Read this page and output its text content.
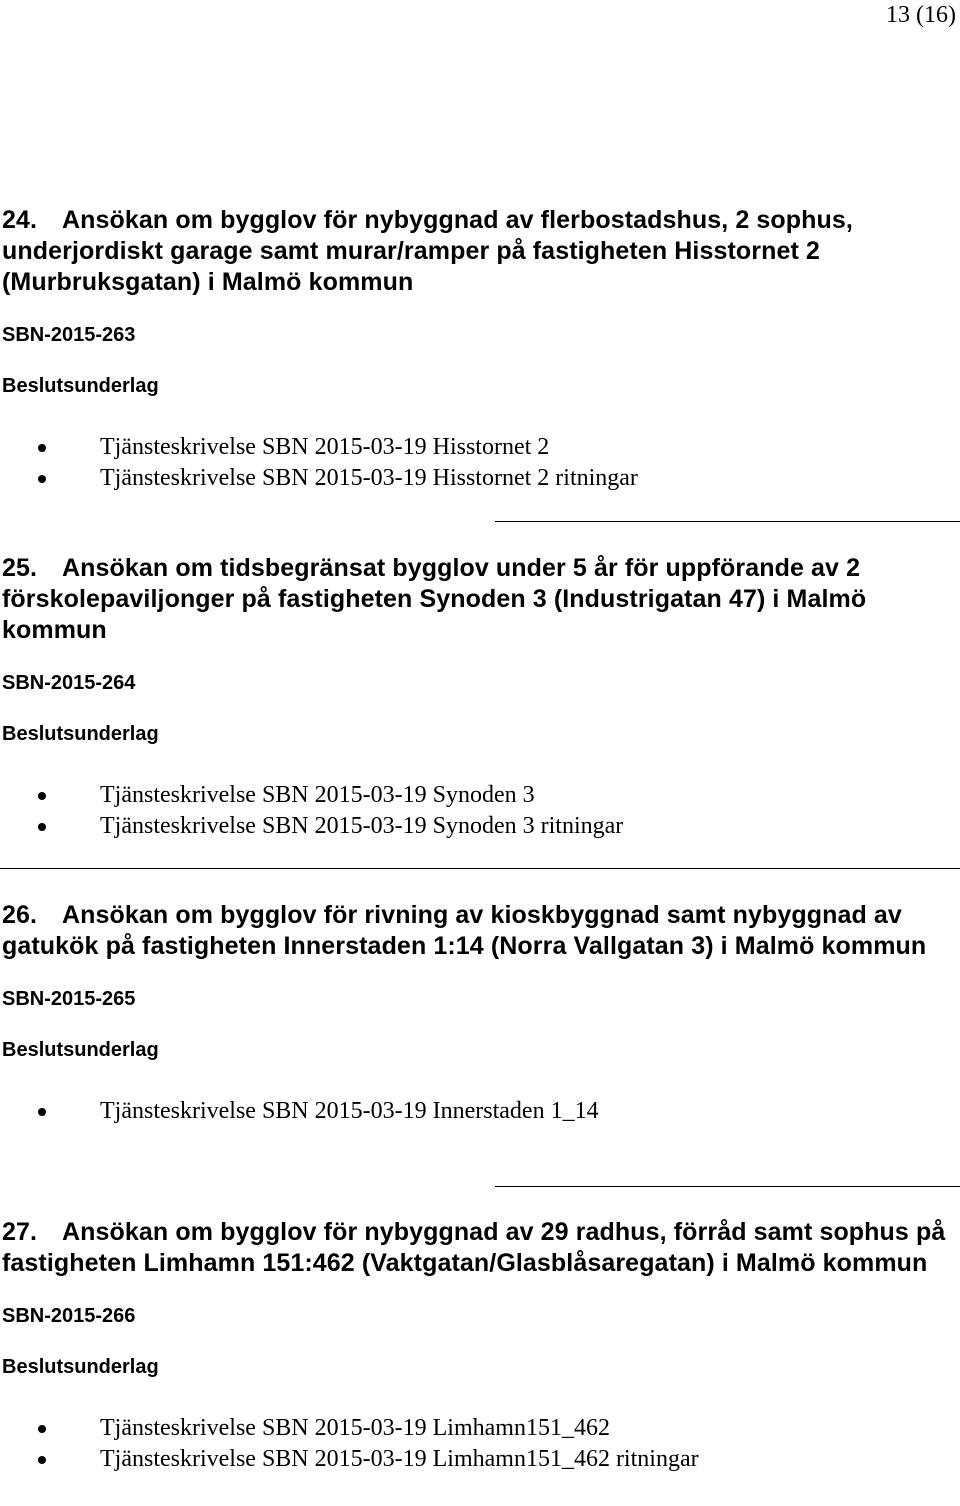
13 (16)
24. Ansökan om bygglov för nybyggnad av flerbostadshus, 2 sophus, underjordiskt garage samt murar/ramper på fastigheten Hisstornet 2 (Murbruksgatan) i Malmö kommun
SBN-2015-263
Beslutsunderlag
Tjänsteskrivelse SBN 2015-03-19 Hisstornet 2
Tjänsteskrivelse SBN 2015-03-19 Hisstornet 2 ritningar
25. Ansökan om tidsbegränsat bygglov under 5 år för uppförande av 2 förskolepaviljonger på fastigheten Synoden 3 (Industrigatan 47) i Malmö kommun
SBN-2015-264
Beslutsunderlag
Tjänsteskrivelse SBN 2015-03-19 Synoden 3
Tjänsteskrivelse SBN 2015-03-19 Synoden 3 ritningar
26. Ansökan om bygglov för rivning av kioskbyggnad samt nybyggnad av gatukök på fastigheten Innerstaden 1:14 (Norra Vallgatan 3) i Malmö kommun
SBN-2015-265
Beslutsunderlag
Tjänsteskrivelse SBN 2015-03-19 Innerstaden 1_14
27. Ansökan om bygglov för nybyggnad av 29 radhus, förråd samt sophus på fastigheten Limhamn 151:462 (Vaktgatan/Glasblåsaregatan) i Malmö kommun
SBN-2015-266
Beslutsunderlag
Tjänsteskrivelse SBN 2015-03-19 Limhamn151_462
Tjänsteskrivelse SBN 2015-03-19 Limhamn151_462 ritningar
